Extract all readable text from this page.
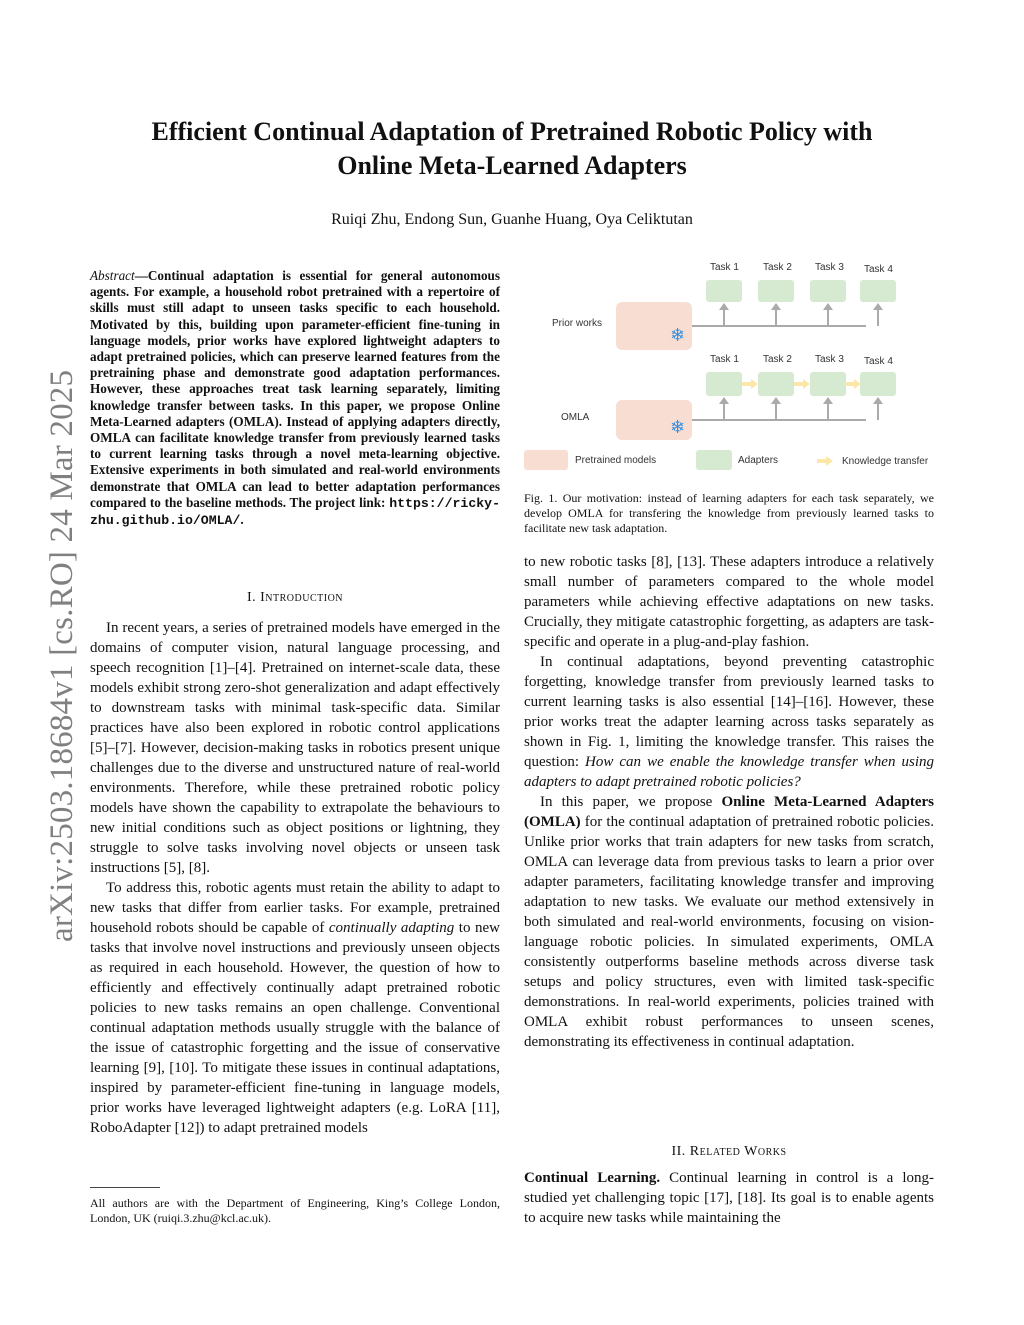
arXiv:2503.18684v1 [cs.RO] 24 Mar 2025
Efficient Continual Adaptation of Pretrained Robotic Policy with
Online Meta-Learned Adapters
Ruiqi Zhu, Endong Sun, Guanhe Huang, Oya Celiktutan
Abstract—Continual adaptation is essential for general autonomous agents. For example, a household robot pretrained with a repertoire of skills must still adapt to unseen tasks specific to each household. Motivated by this, building upon parameter-efficient fine-tuning in language models, prior works have explored lightweight adapters to adapt pretrained policies, which can preserve learned features from the pretraining phase and demonstrate good adaptation performances. However, these approaches treat task learning separately, limiting knowledge transfer between tasks. In this paper, we propose Online Meta-Learned adapters (OMLA). Instead of applying adapters directly, OMLA can facilitate knowledge transfer from previously learned tasks to current learning tasks through a novel meta-learning objective. Extensive experiments in both simulated and real-world environments demonstrate that OMLA can lead to better adaptation performances compared to the baseline methods. The project link: https://ricky-zhu.github.io/OMLA/.
I. Introduction

In recent years, a series of pretrained models have emerged in the domains of computer vision, natural language processing, and speech recognition [1]–[4]. Pretrained on internet-scale data, these models exhibit strong zero-shot generalization and adapt effectively to downstream tasks with minimal task-specific data. Similar practices have also been explored in robotic control applications [5]–[7]. However, decision-making tasks in robotics present unique challenges due to the diverse and unstructured nature of real-world environments. Therefore, while these pretrained robotic policy models have shown the capability to extrapolate the behaviours to new initial conditions such as object positions or lightning, they struggle to solve tasks involving novel objects or unseen task instructions [5], [8].

To address this, robotic agents must retain the ability to adapt to new tasks that differ from earlier tasks. For example, pretrained household robots should be capable of continually adapting to new tasks that involve novel instructions and previously unseen objects as required in each household. However, the question of how to efficiently and effectively continually adapt pretrained robotic policies to new tasks remains an open challenge. Conventional continual adaptation methods usually struggle with the balance of the issue of catastrophic forgetting and the issue of conservative learning [9], [10]. To mitigate these issues in continual adaptations, inspired by parameter-efficient fine-tuning in language models, prior works have leveraged lightweight adapters (e.g. LoRA [11], RoboAdapter [12]) to adapt pretrained models

All authors are with the Department of Engineering, King’s College London, London, UK (ruiqi.3.zhu@kcl.ac.uk).
Prior works
❄
Task 1 Task 2 Task 3 Task 4
OMLA	❄
Task 1 Task 2 Task 3 Task 4
Pretrained models	Adapters	Knowledge transfer
Fig. 1. Our motivation: instead of learning adapters for each task separately, we develop OMLA for transfering the knowledge from previously learned tasks to facilitate new task adaptation.

to new robotic tasks [8], [13]. These adapters introduce a relatively small number of parameters compared to the whole model parameters while achieving effective adaptations on new tasks. Crucially, they mitigate catastrophic forgetting, as adapters are task-specific and operate in a plug-and-play fashion.

In continual adaptations, beyond preventing catastrophic forgetting, knowledge transfer from previously learned tasks to current learning tasks is also essential [14]–[16]. However, these prior works treat the adapter learning across tasks separately as shown in Fig. 1, limiting the knowledge transfer. This raises the question: How can we enable the knowledge transfer when using adapters to adapt pretrained robotic policies?

In this paper, we propose Online Meta-Learned Adapters (OMLA) for the continual adaptation of pretrained robotic policies. Unlike prior works that train adapters for new tasks from scratch, OMLA can leverage data from previous tasks to learn a prior over adapter parameters, facilitating knowledge transfer and improving adaptation to new tasks. We evaluate our method extensively in both simulated and real-world environments, focusing on vision-language robotic policies. In simulated experiments, OMLA consistently outperforms baseline methods across diverse task setups and policy structures, even with limited task-specific demonstrations. In real-world experiments, policies trained with OMLA exhibit robust performances to unseen scenes, demonstrating its effectiveness in continual adaptation.

II. Related Works

Continual Learning. Continual learning in control is a long-studied yet challenging topic [17], [18]. Its goal is to enable agents to acquire new tasks while maintaining the
